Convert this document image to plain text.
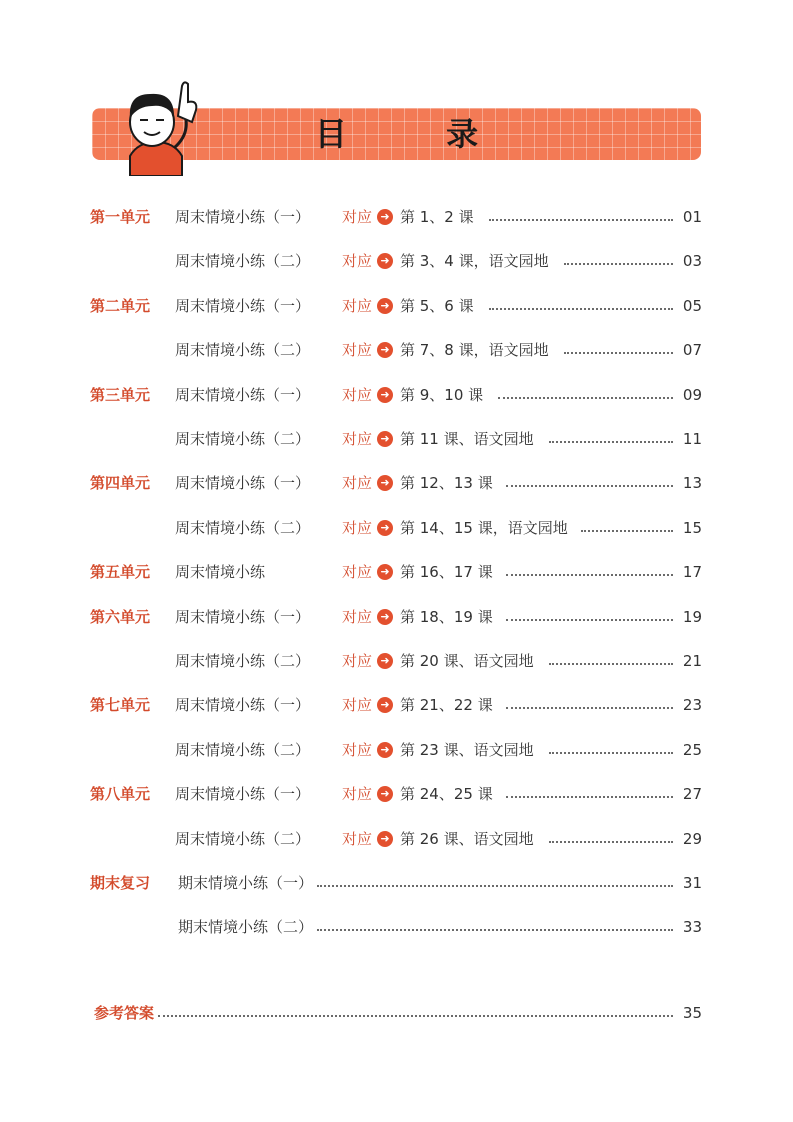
目 录
第一单元 周末情境小练（一） 对应 ➜ 第 1、2 课	01
周末情境小练（二） 对应 ➜ 第 3、4 课，语文园地	03
第二单元 周末情境小练（一） 对应 ➜ 第 5、6 课	05
周末情境小练（二） 对应 ➜ 第 7、8 课，语文园地	07
第三单元 周末情境小练（一） 对应 ➜ 第 9、10 课	09
周末情境小练（二） 对应 ➜ 第 11 课、语文园地	11
第四单元 周末情境小练（一） 对应 ➜ 第 12、13 课	13
周末情境小练（二） 对应 ➜ 第 14、15 课，语文园地	15
第五单元 周末情境小练	对应 ➜ 第 16、17 课	17
第六单元 周末情境小练（一） 对应 ➜ 第 18、19 课	19
周末情境小练（二） 对应 ➜ 第 20 课、语文园地	21
第七单元 周末情境小练（一） 对应 ➜ 第 21、22 课	23
周末情境小练（二） 对应 ➜ 第 23 课、语文园地	25
第八单元 周末情境小练（一） 对应 ➜ 第 24、25 课	27
周末情境小练（二） 对应 ➜ 第 26 课、语文园地	29
期末复习 期末情境小练（一）	31
期末情境小练（二）	33
参考答案	35
